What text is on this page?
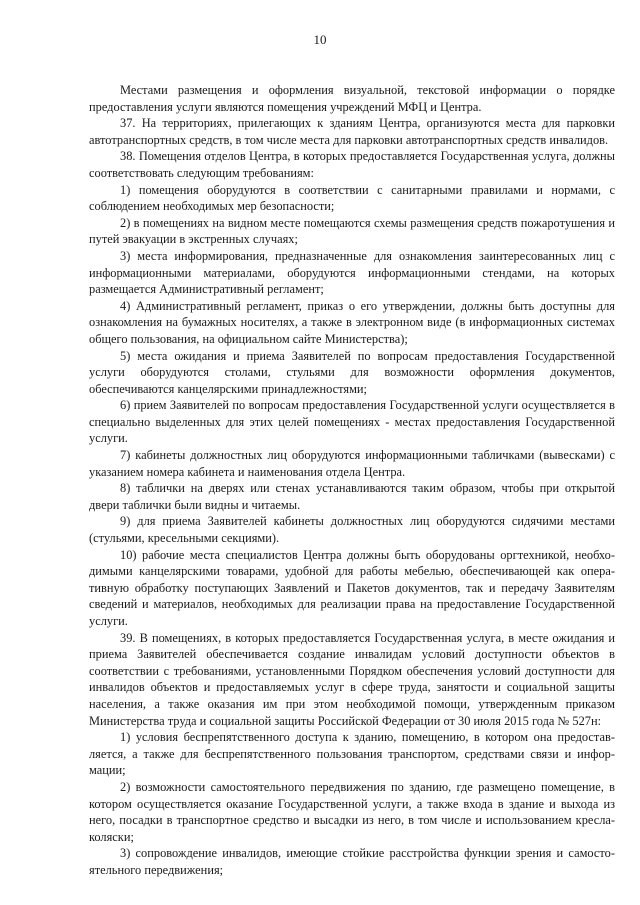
10

Местами размещения и оформления визуальной, текстовой информации о порядке предоставления услуги являются помещения учреждений МФЦ и Центра.

37. На территориях, прилегающих к зданиям Центра, организуются места для парковки автотранспортных средств, в том числе места для парковки автотранспортных средств инвалидов.

38. Помещения отделов Центра, в которых предоставляется Государственная услуга, должны соответствовать следующим требованиям:

1) помещения оборудуются в соответствии с санитарными правилами и нормами, с соблюдением необходимых мер безопасности;

2) в помещениях на видном месте помещаются схемы размещения средств пожаротушения и путей эвакуации в экстренных случаях;

3) места информирования, предназначенные для ознакомления заинтересованных лиц с информационными материалами, оборудуются информационными стендами, на которых размещается Административный регламент;

4) Административный регламент, приказ о его утверждении, должны быть доступны для ознакомления на бумажных носителях, а также в электронном виде (в информационных системах общего пользования, на официальном сайте Министерства);

5) места ожидания и приема Заявителей по вопросам предоставления Государственной услуги оборудуются столами, стульями для возможности оформления документов, обеспечиваются канцелярскими принадлежностями;

6) прием Заявителей по вопросам предоставления Государственной услуги осуществляется в специально выделенных для этих целей помещениях - местах предоставления Государственной услуги.

7) кабинеты должностных лиц оборудуются информационными табличками (вывесками) с указанием номера кабинета и наименования отдела Центра.

8) таблички на дверях или стенах устанавливаются таким образом, чтобы при открытой двери таблички были видны и читаемы.

9) для приема Заявителей кабинеты должностных лиц оборудуются сидячими местами (стульями, кресельными секциями).

10) рабочие места специалистов Центра должны быть оборудованы оргтехникой, необходимыми канцелярскими товарами, удобной для работы мебелью, обеспечивающей как оперативную обработку поступающих Заявлений и Пакетов документов, так и передачу Заявителям сведений и материалов, необходимых для реализации права на предоставление Государственной услуги.

39. В помещениях, в которых предоставляется Государственная услуга, в месте ожидания и приема Заявителей обеспечивается создание инвалидам условий доступности объектов в соответствии с требованиями, установленными Порядком обеспечения условий доступности для инвалидов объектов и предоставляемых услуг в сфере труда, занятости и социальной защиты населения, а также оказания им при этом необходимой помощи, утвержденным приказом Министерства труда и социальной защиты Российской Федерации от 30 июля 2015 года № 527н:

1) условия беспрепятственного доступа к зданию, помещению, в котором она предоставляется, а также для беспрепятственного пользования транспортом, средствами связи и информации;

2) возможности самостоятельного передвижения по зданию, где размещено помещение, в котором осуществляется оказание Государственной услуги, а также входа в здание и выхода из него, посадки в транспортное средство и высадки из него, в том числе и использованием кресла-коляски;

3) сопровождение инвалидов, имеющие стойкие расстройства функции зрения и самостоятельного передвижения;
